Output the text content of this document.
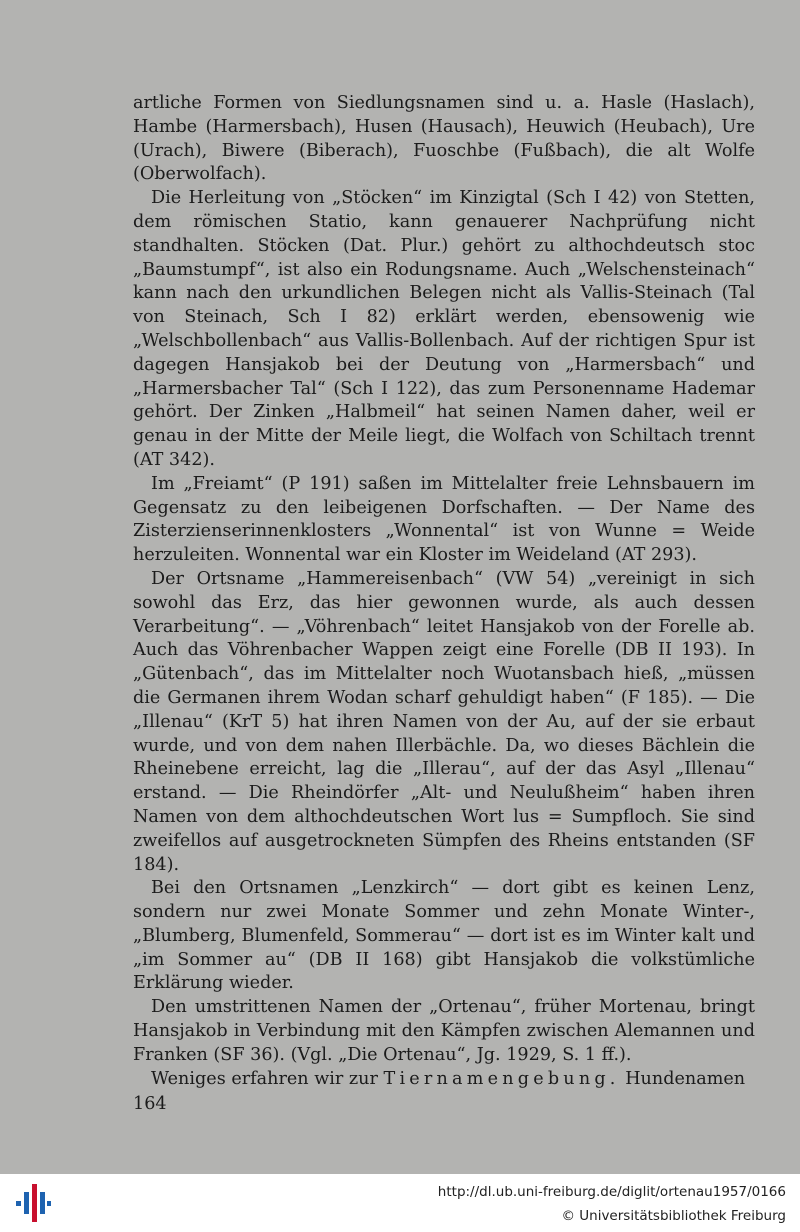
artliche Formen von Siedlungsnamen sind u. a. Hasle (Haslach), Hambe (Harmersbach), Husen (Hausach), Heuwich (Heubach), Ure (Urach), Biwere (Biberach), Fuoschbe (Fußbach), die alt Wolfe (Oberwolfach).

Die Herleitung von „Stöcken“ im Kinzigtal (Sch I 42) von Stetten, dem römischen Statio, kann genauerer Nachprüfung nicht standhalten. Stöcken (Dat. Plur.) gehört zu althochdeutsch stoc „Baumstumpf“, ist also ein Rodungsname. Auch „Welschensteinach“ kann nach den urkundlichen Belegen nicht als Vallis-Steinach (Tal von Steinach, Sch I 82) erklärt werden, ebensowenig wie „Welschbollenbach“ aus Vallis-Bollenbach. Auf der richtigen Spur ist dagegen Hansjakob bei der Deutung von „Harmersbach“ und „Harmersbacher Tal“ (Sch I 122), das zum Personenname Hademar gehört. Der Zinken „Halbmeil“ hat seinen Namen daher, weil er genau in der Mitte der Meile liegt, die Wolfach von Schiltach trennt (AT 342).

Im „Freiamt“ (P 191) saßen im Mittelalter freie Lehnsbauern im Gegensatz zu den leibeigenen Dorfschaften. — Der Name des Zisterzienserinnenklosters „Wonnental“ ist von Wunne = Weide herzuleiten. Wonnental war ein Kloster im Weideland (AT 293).

Der Ortsname „Hammereisenbach“ (VW 54) „vereinigt in sich sowohl das Erz, das hier gewonnen wurde, als auch dessen Verarbeitung“. — „Vöhrenbach“ leitet Hansjakob von der Forelle ab. Auch das Vöhrenbacher Wappen zeigt eine Forelle (DB II 193). In „Gütenbach“, das im Mittelalter noch Wuotansbach hieß, „müssen die Germanen ihrem Wodan scharf gehuldigt haben“ (F 185). — Die „Illenau“ (KrT 5) hat ihren Namen von der Au, auf der sie erbaut wurde, und von dem nahen Illerbächle. Da, wo dieses Bächlein die Rheinebene erreicht, lag die „Illerau“, auf der das Asyl „Illenau“ erstand. — Die Rheindörfer „Alt- und Neulußheim“ haben ihren Namen von dem althochdeutschen Wort lus = Sumpfloch. Sie sind zweifellos auf ausgetrockneten Sümpfen des Rheins entstanden (SF 184).

Bei den Ortsnamen „Lenzkirch“ — dort gibt es keinen Lenz, sondern nur zwei Monate Sommer und zehn Monate Winter-, „Blumberg, Blumenfeld, Sommerau“ — dort ist es im Winter kalt und „im Sommer au“ (DB II 168) gibt Hansjakob die volkstümliche Erklärung wieder.

Den umstrittenen Namen der „Ortenau“, früher Mortenau, bringt Hansjakob in Verbindung mit den Kämpfen zwischen Alemannen und Franken (SF 36). (Vgl. „Die Ortenau“, Jg. 1929, S. 1 ff.).

Weniges erfahren wir zur Tiernamengebung. Hundenamen

164
http://dl.ub.uni-freiburg.de/diglit/ortenau1957/0166
© Universitätsbibliothek Freiburg
